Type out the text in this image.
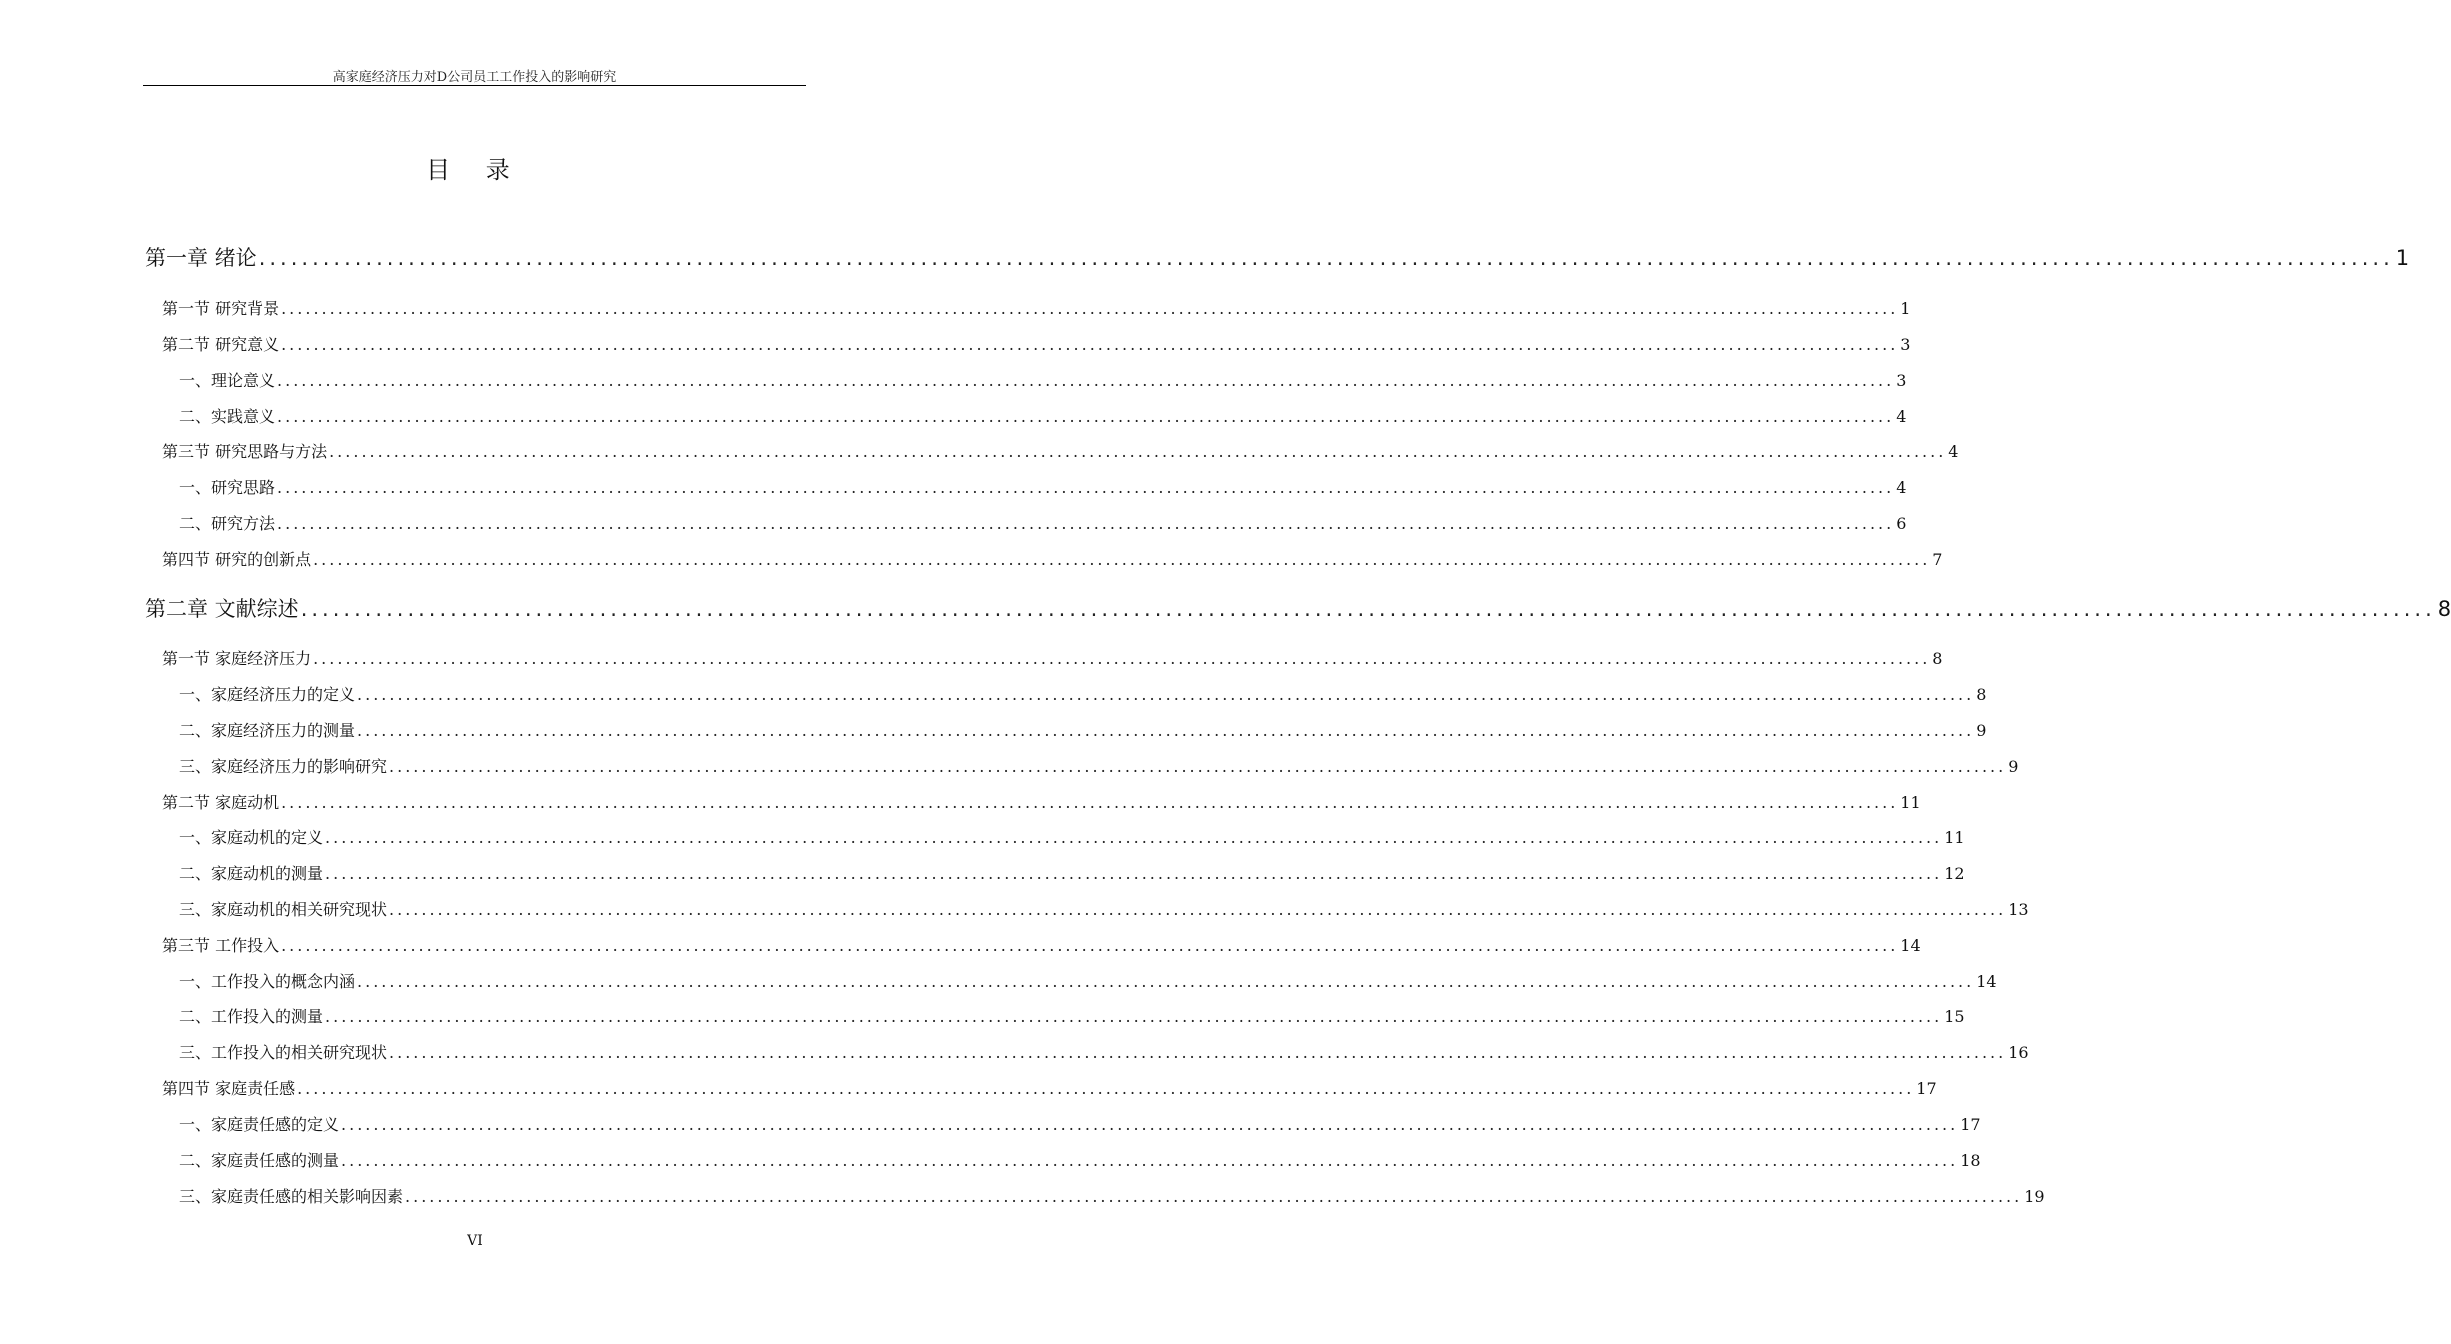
高家庭经济压力对D公司员工工作投入的影响研究
目 录
第一章 绪论 ........................................................................................................................................................................................................ 1
第一节 研究背景 ........................................................................................................................................................................................................ 1
第二节 研究意义 ........................................................................................................................................................................................................ 3
一、理论意义 ........................................................................................................................................................................................................ 3
二、实践意义 ........................................................................................................................................................................................................ 4
第三节 研究思路与方法 ........................................................................................................................................................................................................ 4
一、研究思路 ........................................................................................................................................................................................................ 4
二、研究方法 ........................................................................................................................................................................................................ 6
第四节 研究的创新点 ........................................................................................................................................................................................................ 7
第二章 文献综述 ........................................................................................................................................................................................................ 8
第一节 家庭经济压力 ........................................................................................................................................................................................................ 8
一、家庭经济压力的定义 ........................................................................................................................................................................................................ 8
二、家庭经济压力的测量 ........................................................................................................................................................................................................ 9
三、家庭经济压力的影响研究 ........................................................................................................................................................................................................ 9
第二节 家庭动机 ........................................................................................................................................................................................................ 11
一、家庭动机的定义 ........................................................................................................................................................................................................ 11
二、家庭动机的测量 ........................................................................................................................................................................................................ 12
三、家庭动机的相关研究现状 ........................................................................................................................................................................................................ 13
第三节 工作投入 ........................................................................................................................................................................................................ 14
一、工作投入的概念内涵 ........................................................................................................................................................................................................ 14
二、工作投入的测量 ........................................................................................................................................................................................................ 15
三、工作投入的相关研究现状 ........................................................................................................................................................................................................ 16
第四节 家庭责任感 ........................................................................................................................................................................................................ 17
一、家庭责任感的定义 ........................................................................................................................................................................................................ 17
二、家庭责任感的测量 ........................................................................................................................................................................................................ 18
三、家庭责任感的相关影响因素 ........................................................................................................................................................................................................ 19
VI
